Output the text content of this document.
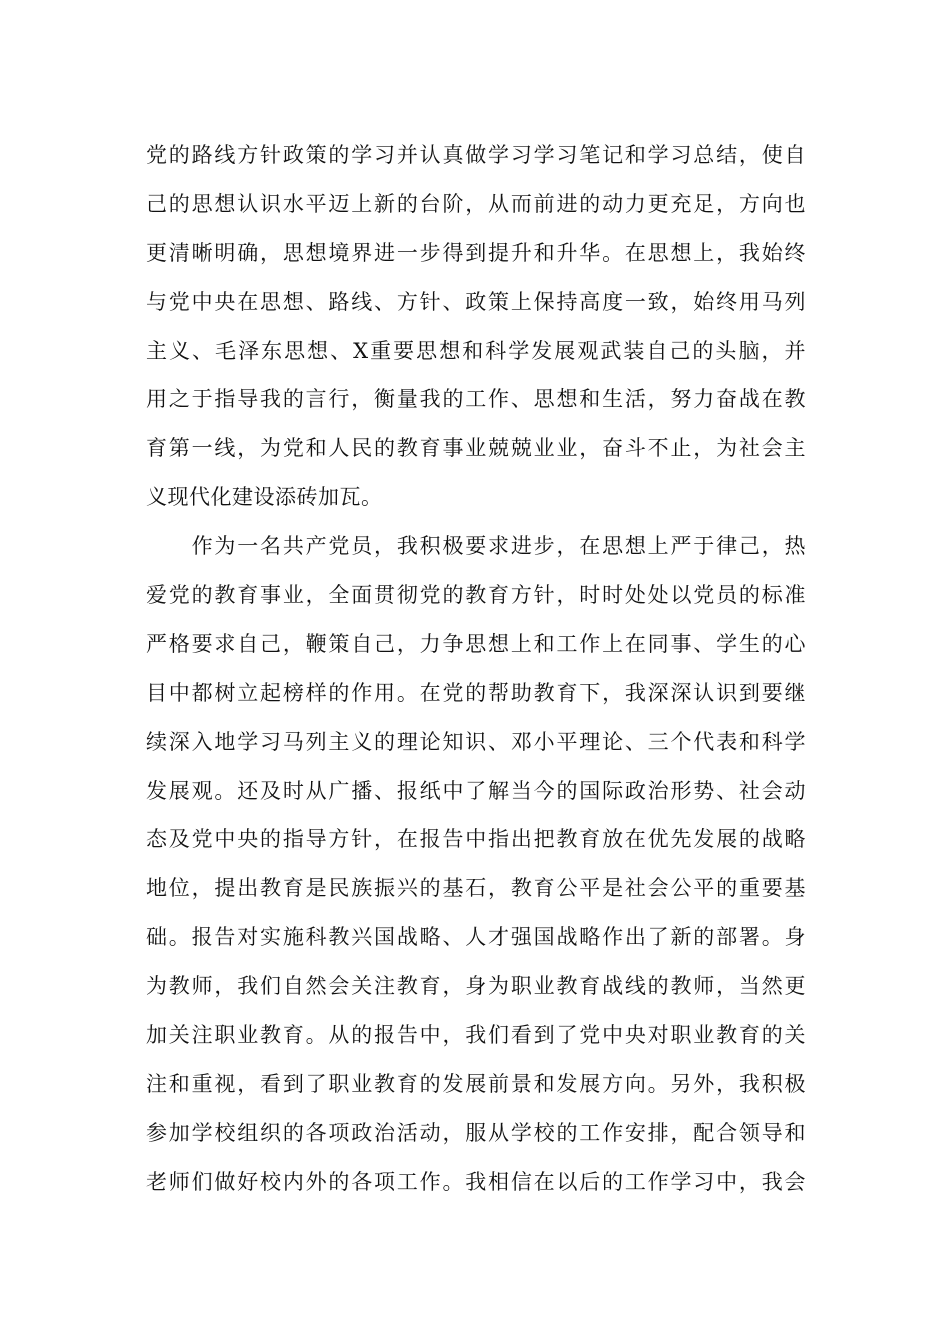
党的路线方针政策的学习并认真做学习学习笔记和学习总结，使自
己的思想认识水平迈上新的台阶，从而前进的动力更充足，方向也
更清晰明确，思想境界进一步得到提升和升华。在思想上，我始终
与党中央在思想、路线、方针、政策上保持高度一致，始终用马列
主义、毛泽东思想、X重要思想和科学发展观武装自己的头脑，并
用之于指导我的言行，衡量我的工作、思想和生活，努力奋战在教
育第一线，为党和人民的教育事业兢兢业业，奋斗不止，为社会主
义现代化建设添砖加瓦。
　　作为一名共产党员，我积极要求进步，在思想上严于律己，热
爱党的教育事业，全面贯彻党的教育方针，时时处处以党员的标准
严格要求自己，鞭策自己，力争思想上和工作上在同事、学生的心
目中都树立起榜样的作用。在党的帮助教育下，我深深认识到要继
续深入地学习马列主义的理论知识、邓小平理论、三个代表和科学
发展观。还及时从广播、报纸中了解当今的国际政治形势、社会动
态及党中央的指导方针，在报告中指出把教育放在优先发展的战略
地位，提出教育是民族振兴的基石，教育公平是社会公平的重要基
础。报告对实施科教兴国战略、人才强国战略作出了新的部署。身
为教师，我们自然会关注教育，身为职业教育战线的教师，当然更
加关注职业教育。从的报告中，我们看到了党中央对职业教育的关
注和重视，看到了职业教育的发展前景和发展方向。另外，我积极
参加学校组织的各项政治活动，服从学校的工作安排，配合领导和
老师们做好校内外的各项工作。我相信在以后的工作学习中，我会
